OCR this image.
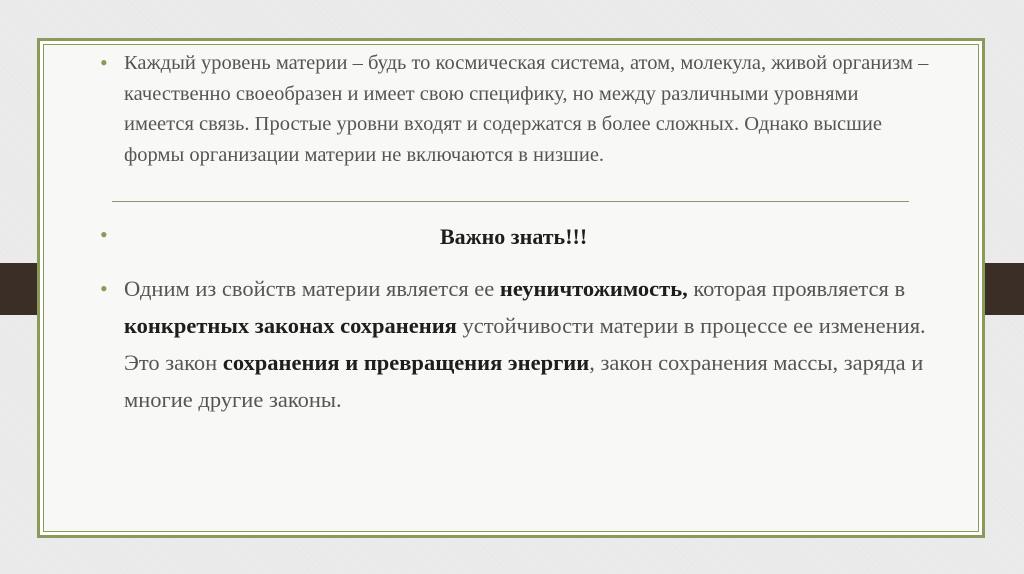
• Каждый уровень материи – будь то космическая система, атом, молекула, живой организм – качественно своеобразен и имеет свою специфику, но между различными уровнями имеется связь. Простые уровни входят и содержатся в более сложных. Однако высшие формы организации материи не включаются в низшие.
•	Важно знать!!!
• Одним из свойств материи является ее неуничтожимость, которая проявляется в конкретных законах сохранения устойчивости материи в процессе ее изменения. Это закон сохранения и превращения энергии, закон сохранения массы, заряда и многие другие законы.
